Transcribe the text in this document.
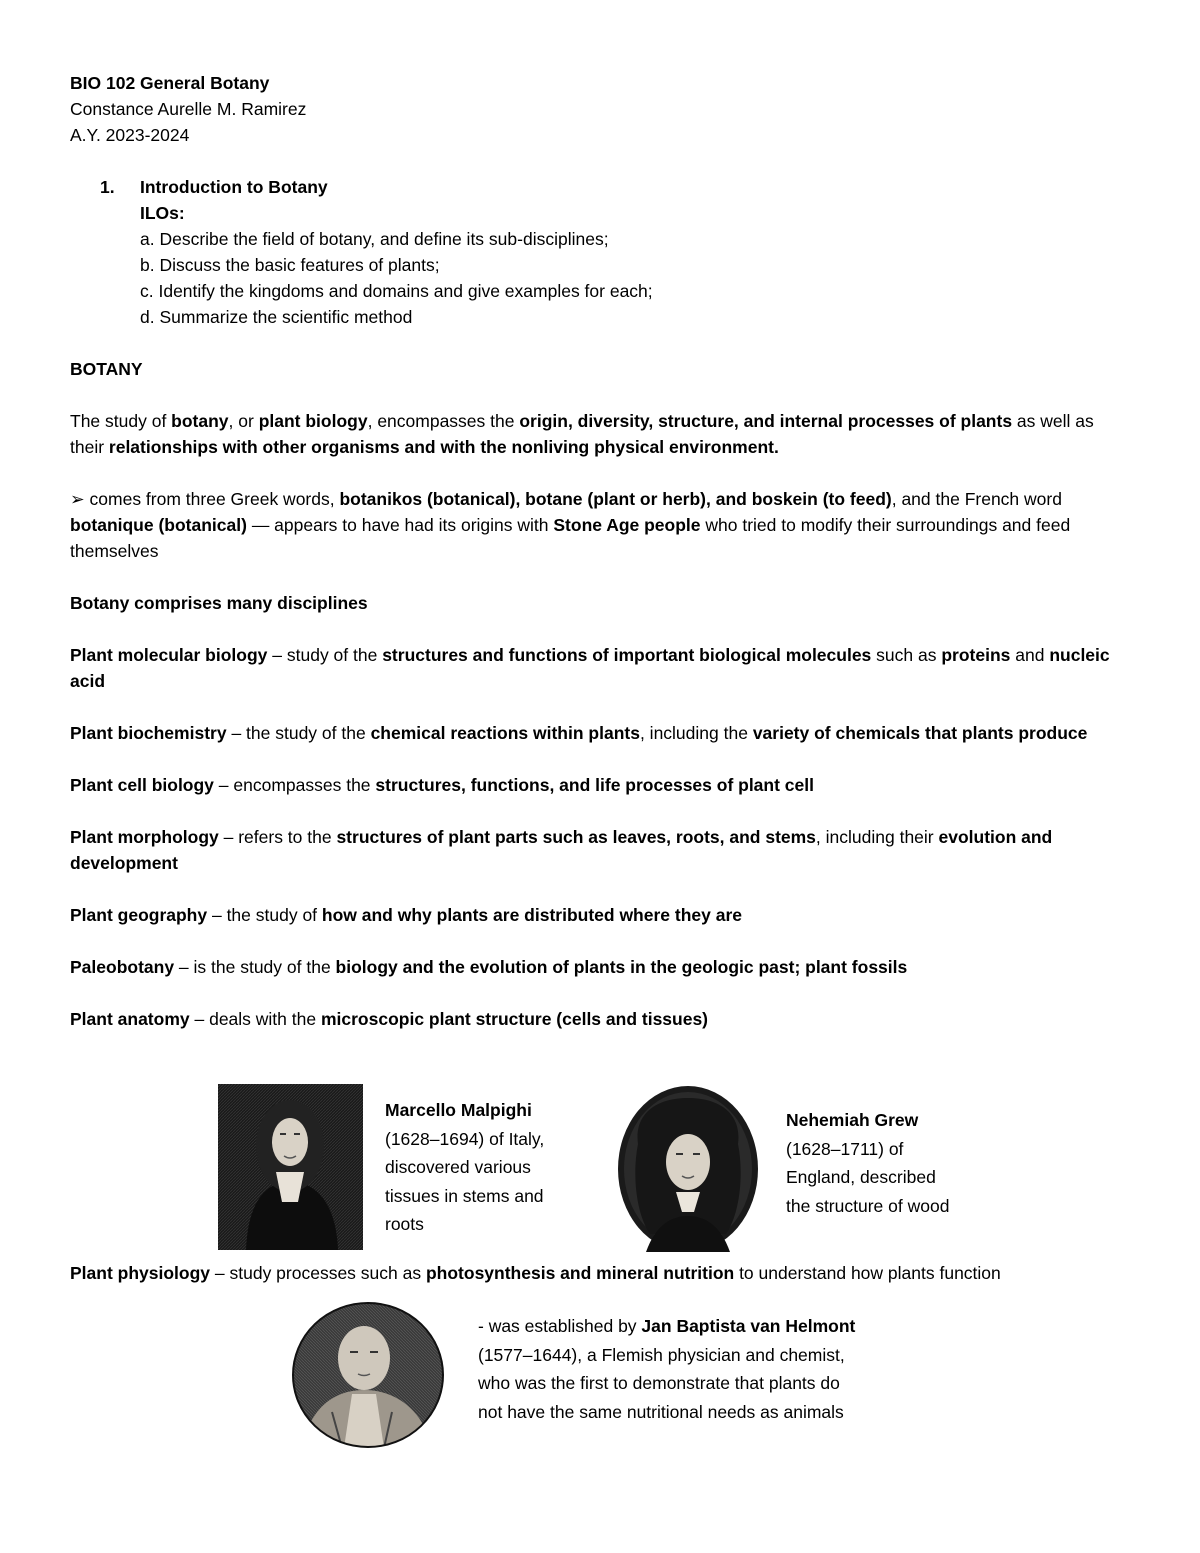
BIO 102 General Botany

Constance Aurelle M. Ramirez

A.Y. 2023-2024

1.	Introduction to Botany

ILOs:

a. Describe the field of botany, and define its sub-disciplines;

b. Discuss the basic features of plants;

c. Identify the kingdoms and domains and give examples for each;

d. Summarize the scientific method

BOTANY

The study of botany, or plant biology, encompasses the origin, diversity, structure, and internal processes of plants as well as their relationships with other organisms and with the nonliving physical environment.

➢ comes from three Greek words, botanikos (botanical), botane (plant or herb), and boskein (to feed), and the French word botanique (botanical) — appears to have had its origins with Stone Age people who tried to modify their surroundings and feed themselves

Botany comprises many disciplines

Plant molecular biology – study of the structures and functions of important biological molecules such as proteins and nucleic acid

Plant biochemistry – the study of the chemical reactions within plants, including the variety of chemicals that plants produce

Plant cell biology – encompasses the structures, functions, and life processes of plant cell

Plant morphology – refers to the structures of plant parts such as leaves, roots, and stems, including their evolution and development

Plant geography – the study of how and why plants are distributed where they are

Paleobotany – is the study of the biology and the evolution of plants in the geologic past; plant fossils

Plant anatomy – deals with the microscopic plant structure (cells and tissues)

Marcello Malpighi
(1628–1694) of Italy,
discovered various
tissues in stems and
roots
Nehemiah Grew
(1628–1711) of
England, described
the structure of wood

Plant physiology – study processes such as photosynthesis and mineral nutrition to understand how plants function

- was established by Jan Baptista van Helmont
(1577–1644), a Flemish physician and chemist,
who was the first to demonstrate that plants do
not have the same nutritional needs as animals
